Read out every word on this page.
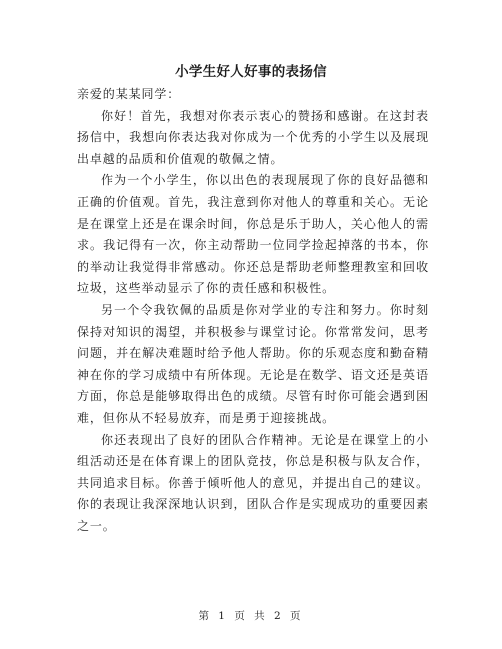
小学生好人好事的表扬信

亲爱的某某同学：

你好！首先，我想对你表示衷心的赞扬和感谢。在这封表扬信中，我想向你表达我对你成为一个优秀的小学生以及展现出卓越的品质和价值观的敬佩之情。

作为一个小学生，你以出色的表现展现了你的良好品德和正确的价值观。首先，我注意到你对他人的尊重和关心。无论是在课堂上还是在课余时间，你总是乐于助人，关心他人的需求。我记得有一次，你主动帮助一位同学捡起掉落的书本，你的举动让我觉得非常感动。你还总是帮助老师整理教室和回收垃圾，这些举动显示了你的责任感和积极性。

另一个令我钦佩的品质是你对学业的专注和努力。你时刻保持对知识的渴望，并积极参与课堂讨论。你常常发问，思考问题，并在解决难题时给予他人帮助。你的乐观态度和勤奋精神在你的学习成绩中有所体现。无论是在数学、语文还是英语方面，你总是能够取得出色的成绩。尽管有时你可能会遇到困难，但你从不轻易放弃，而是勇于迎接挑战。

你还表现出了良好的团队合作精神。无论是在课堂上的小组活动还是在体育课上的团队竞技，你总是积极与队友合作，共同追求目标。你善于倾听他人的意见，并提出自己的建议。你的表现让我深深地认识到，团队合作是实现成功的重要因素之一。

第 1 页 共 2 页
